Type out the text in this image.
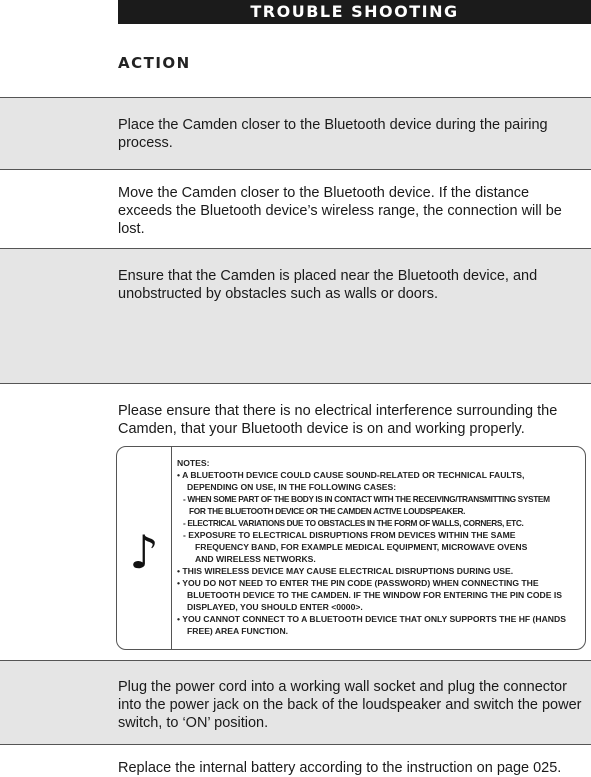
TROUBLE SHOOTING
ACTION
Place the Camden closer to the Bluetooth device during the pairing process.
Move the Camden closer to the Bluetooth device. If the distance exceeds the Bluetooth device’s wireless range, the connection will be lost.
Ensure that the Camden is placed near the Bluetooth device, and unobstructed by obstacles such as walls or doors.
Please ensure that there is no electrical interference surrounding the Camden, that your Bluetooth device is on and working properly.
♪
NOTES:
• A BLUETOOTH DEVICE COULD CAUSE SOUND-RELATED OR TECHNICAL FAULTS,
DEPENDING ON USE, IN THE FOLLOWING CASES:
- WHEN SOME PART OF THE BODY IS IN CONTACT WITH THE RECEIVING/TRANSMITTING SYSTEM
FOR THE BLUETOOTH DEVICE OR THE CAMDEN ACTIVE LOUDSPEAKER.
- ELECTRICAL VARIATIONS DUE TO OBSTACLES IN THE FORM OF WALLS, CORNERS, ETC.
- EXPOSURE TO ELECTRICAL DISRUPTIONS FROM DEVICES WITHIN THE SAME
FREQUENCY BAND, FOR EXAMPLE MEDICAL EQUIPMENT, MICROWAVE OVENS
AND WIRELESS NETWORKS.
• THIS WIRELESS DEVICE MAY CAUSE ELECTRICAL DISRUPTIONS DURING USE.
• YOU DO NOT NEED TO ENTER THE PIN CODE (PASSWORD) WHEN CONNECTING THE
BLUETOOTH DEVICE TO THE CAMDEN. IF THE WINDOW FOR ENTERING THE PIN CODE IS
DISPLAYED, YOU SHOULD ENTER <0000>.
• YOU CANNOT CONNECT TO A BLUETOOTH DEVICE THAT ONLY SUPPORTS THE HF (HANDS
FREE) AREA FUNCTION.
Plug the power cord into a working wall socket and plug the connector into the power jack on the back of the loudspeaker and switch the power switch, to ‘ON’ position.
Replace the internal battery according to the instruction on page 025.
